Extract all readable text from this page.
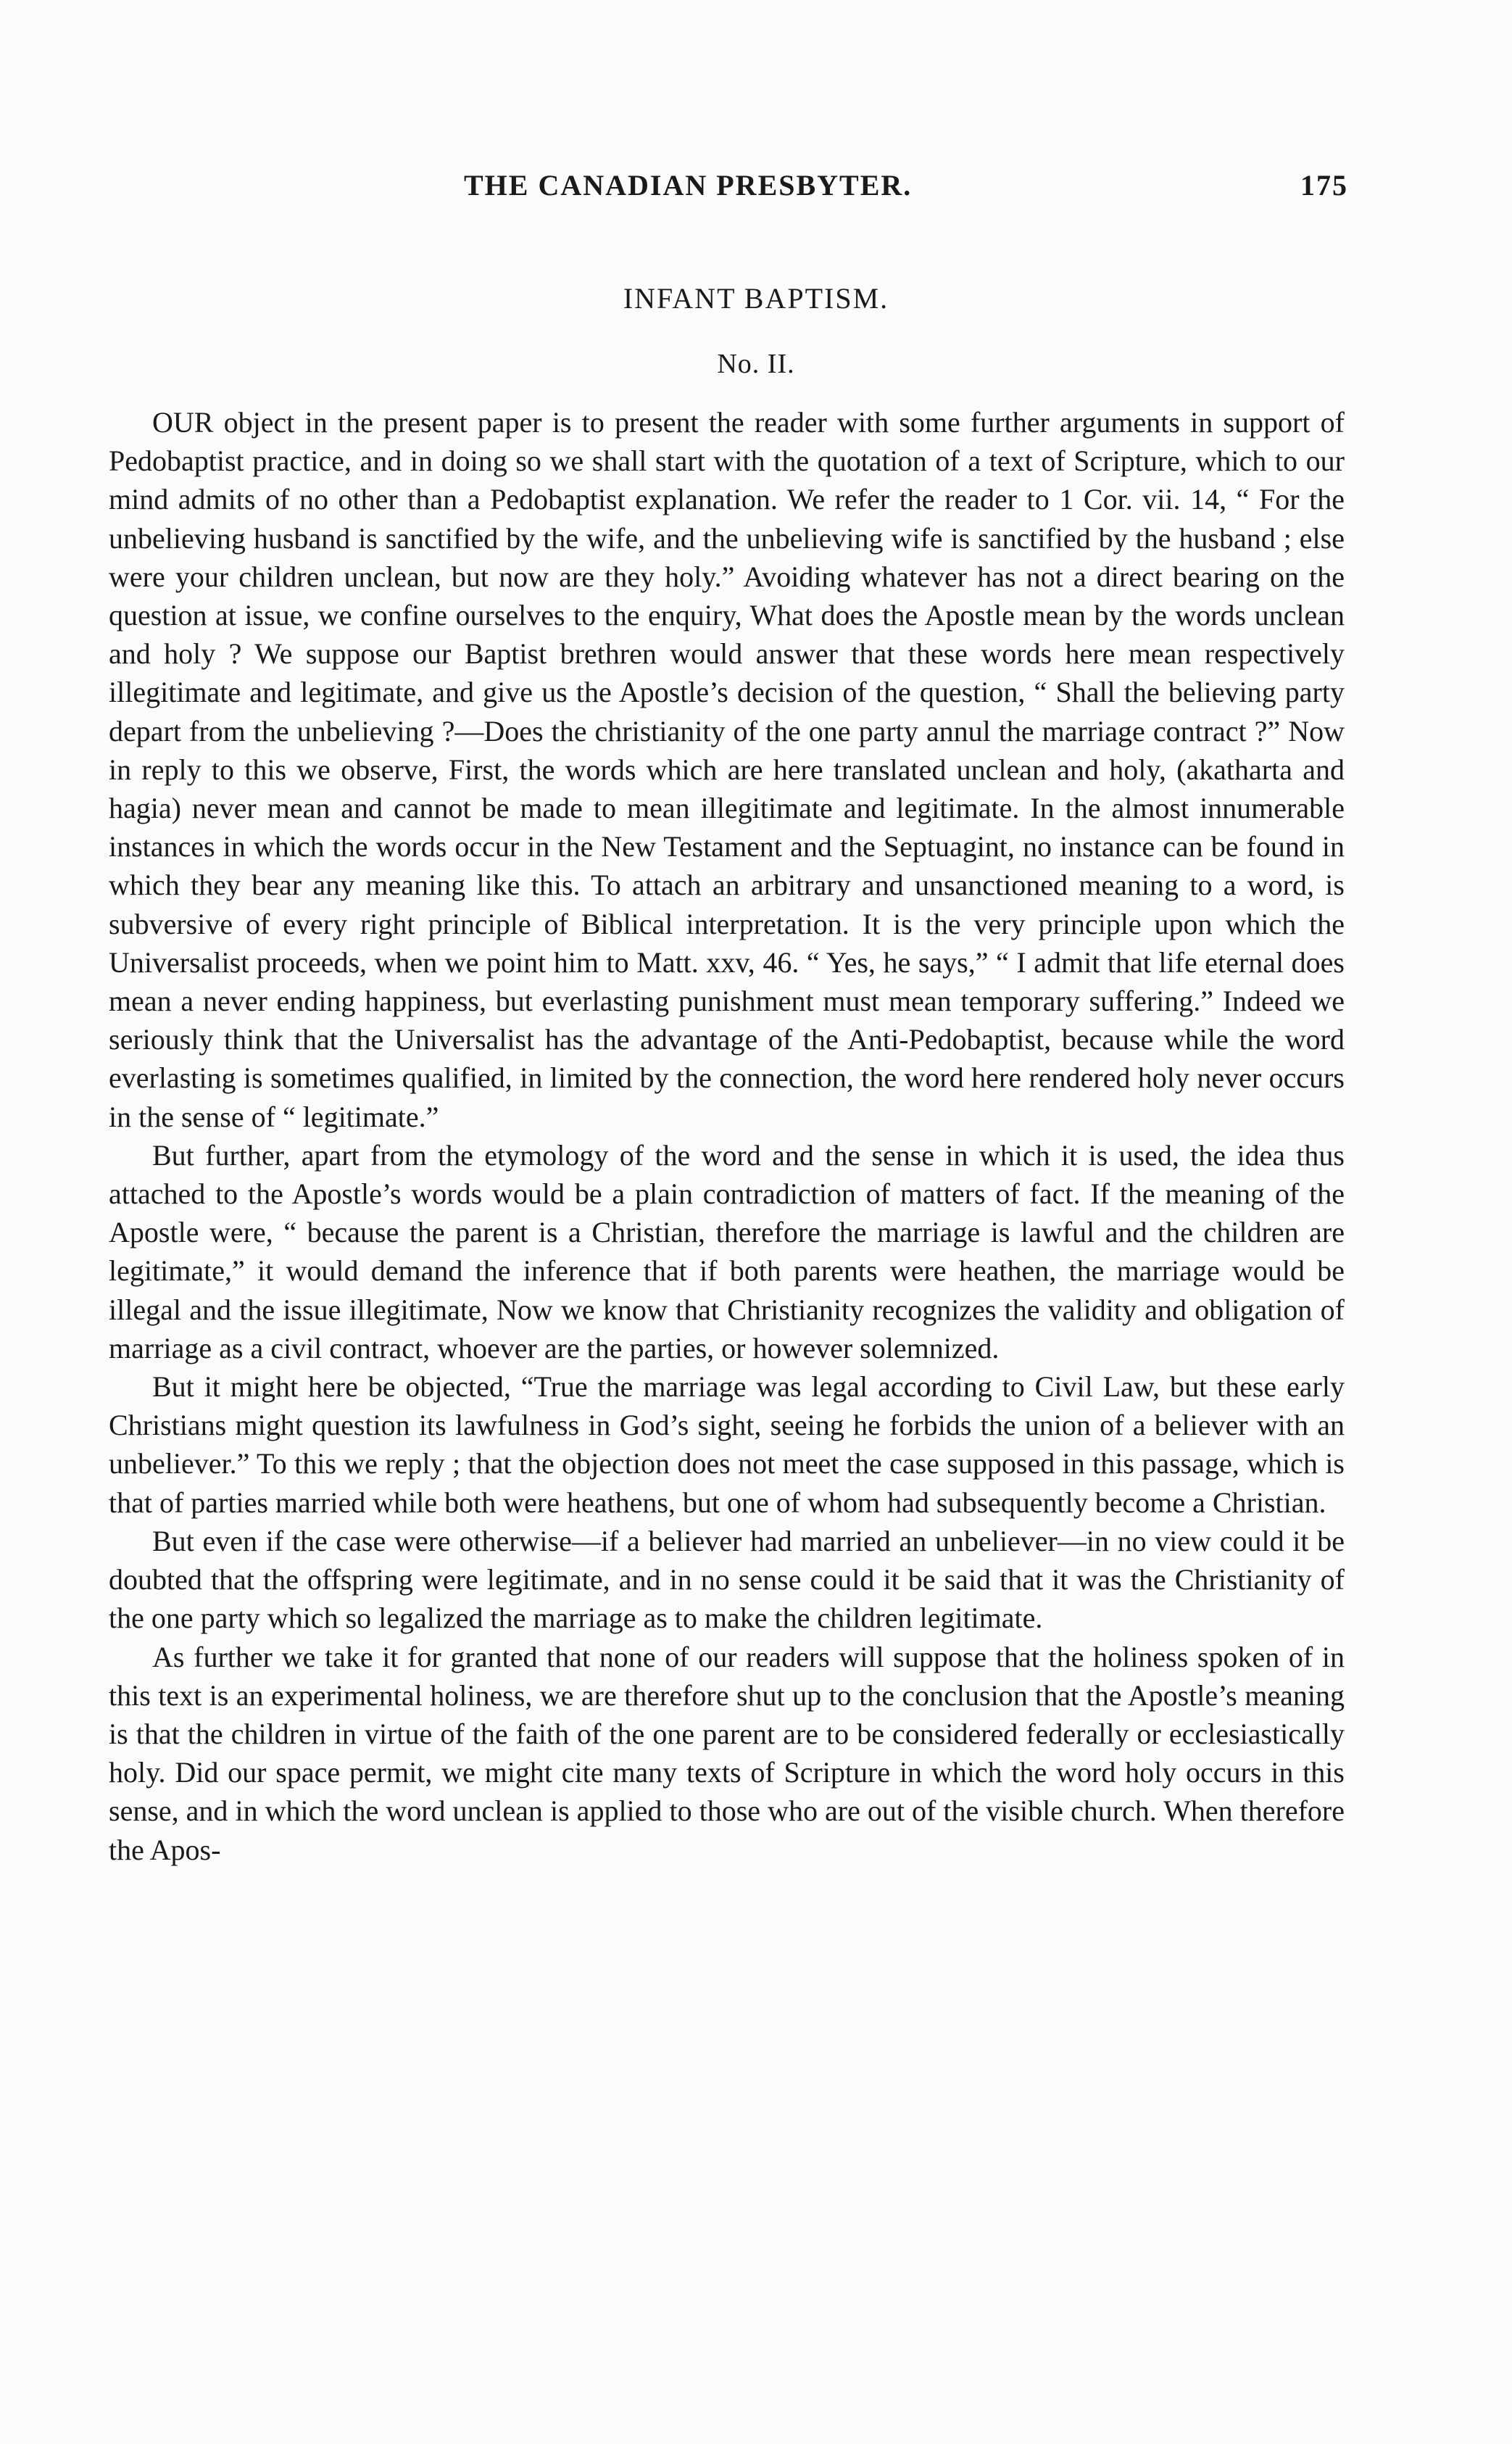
THE CANADIAN PRESBYTER.	175
INFANT BAPTISM.
No. II.

OUR object in the present paper is to present the reader with some further arguments in support of Pedobaptist practice, and in doing so we shall start with the quotation of a text of Scripture, which to our mind admits of no other than a Pedobaptist explanation. We refer the reader to 1 Cor. vii. 14, “ For the unbelieving husband is sanctified by the wife, and the unbelieving wife is sanctified by the husband ; else were your children unclean, but now are they holy.” Avoiding whatever has not a direct bearing on the question at issue, we confine ourselves to the enquiry, What does the Apostle mean by the words unclean and holy ? We suppose our Baptist brethren would answer that these words here mean respectively illegitimate and legitimate, and give us the Apostle’s decision of the question, “ Shall the believing party depart from the unbelieving ?—Does the christianity of the one party annul the marriage contract ?” Now in reply to this we observe, First, the words which are here translated unclean and holy, (akatharta and hagia) never mean and cannot be made to mean illegitimate and legitimate. In the almost innumerable instances in which the words occur in the New Testament and the Septuagint, no instance can be found in which they bear any meaning like this. To attach an arbitrary and unsanctioned meaning to a word, is subversive of every right principle of Biblical interpretation. It is the very principle upon which the Universalist proceeds, when we point him to Matt. xxv, 46. “ Yes, he says,” “ I admit that life eternal does mean a never ending happiness, but everlasting punishment must mean temporary suffering.” Indeed we seriously think that the Universalist has the advantage of the Anti-Pedobaptist, because while the word everlasting is sometimes qualified, in limited by the connection, the word here rendered holy never occurs in the sense of “ legitimate.”

But further, apart from the etymology of the word and the sense in which it is used, the idea thus attached to the Apostle’s words would be a plain contradiction of matters of fact. If the meaning of the Apostle were, “ because the parent is a Christian, therefore the marriage is lawful and the children are legitimate,” it would demand the inference that if both parents were heathen, the marriage would be illegal and the issue illegitimate, Now we know that Christianity recognizes the validity and obligation of marriage as a civil contract, whoever are the parties, or however solemnized.

But it might here be objected, “True the marriage was legal according to Civil Law, but these early Christians might question its lawfulness in God’s sight, seeing he forbids the union of a believer with an unbeliever.” To this we reply ; that the objection does not meet the case supposed in this passage, which is that of parties married while both were heathens, but one of whom had subsequently become a Christian.

But even if the case were otherwise—if a believer had married an unbeliever—in no view could it be doubted that the offspring were legitimate, and in no sense could it be said that it was the Christianity of the one party which so legalized the marriage as to make the children legitimate.

As further we take it for granted that none of our readers will suppose that the holiness spoken of in this text is an experimental holiness, we are therefore shut up to the conclusion that the Apostle’s meaning is that the children in virtue of the faith of the one parent are to be considered federally or ecclesiastically holy. Did our space permit, we might cite many texts of Scripture in which the word holy occurs in this sense, and in which the word unclean is applied to those who are out of the visible church. When therefore the Apos-
